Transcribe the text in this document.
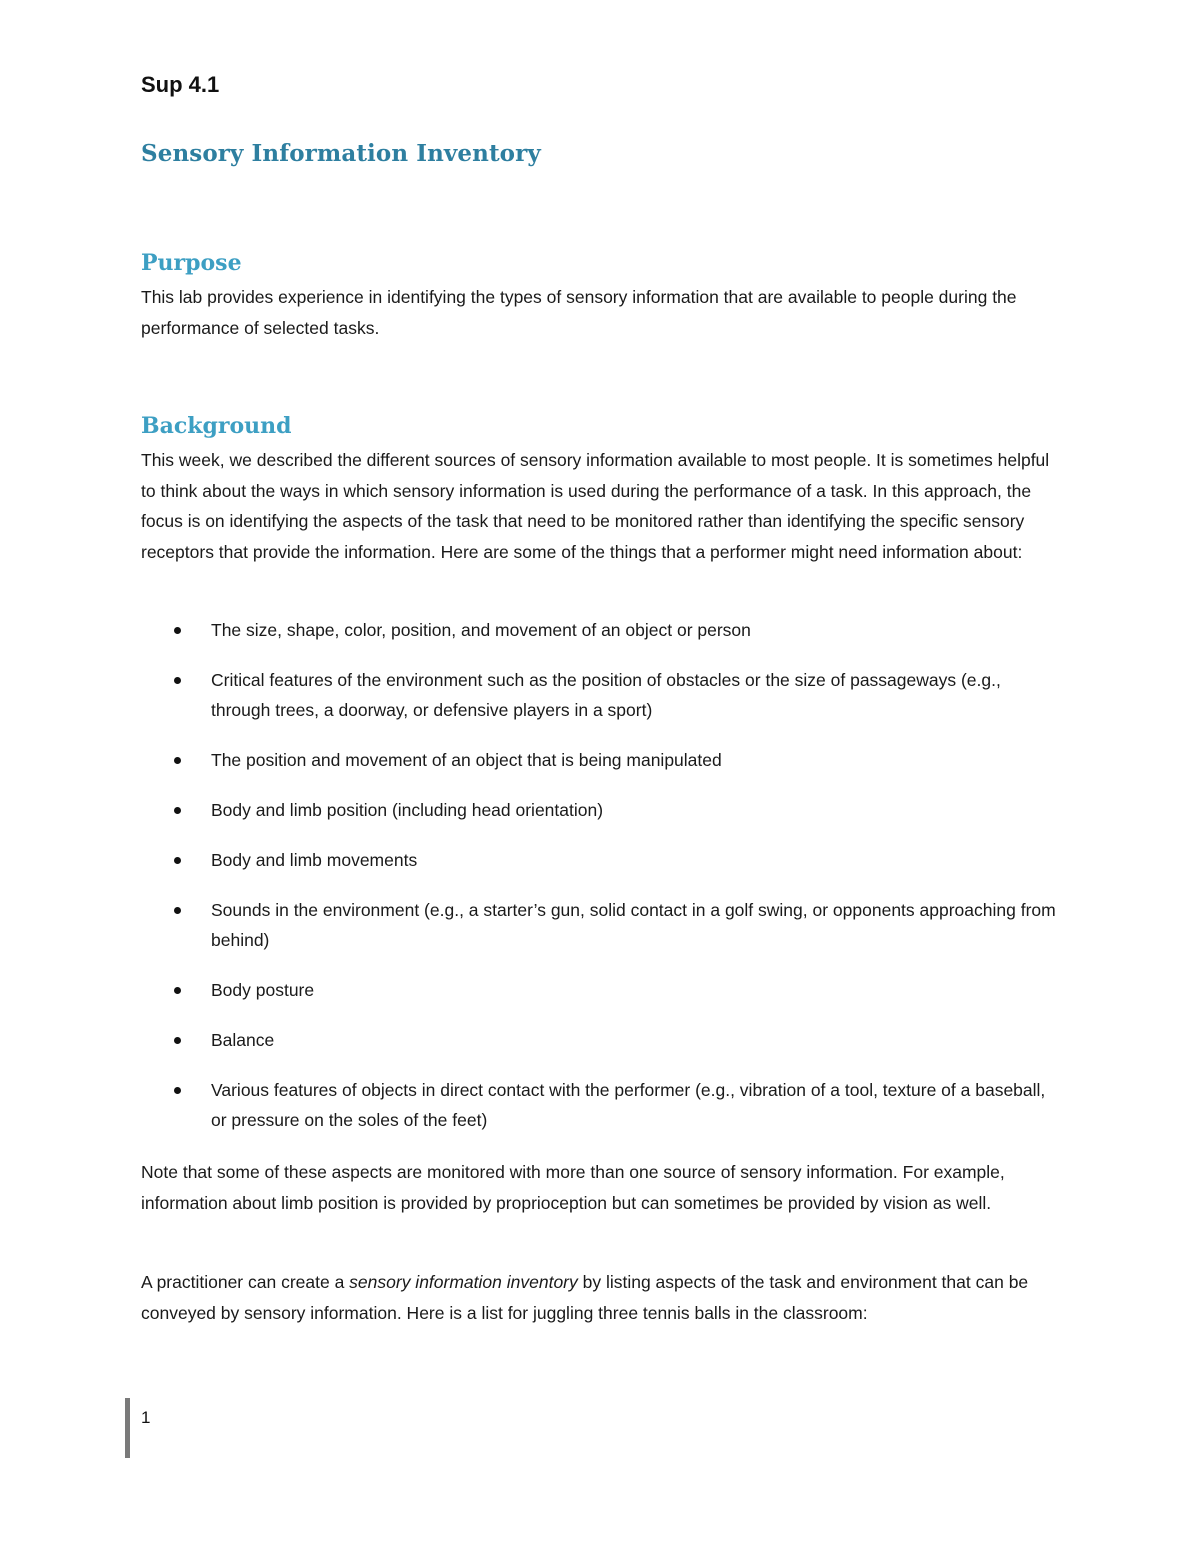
Sup 4.1
Sensory Information Inventory
Purpose

This lab provides experience in identifying the types of sensory information that are available to people during the performance of selected tasks.

Background

This week, we described the different sources of sensory information available to most people. It is sometimes helpful to think about the ways in which sensory information is used during the performance of a task. In this approach, the focus is on identifying the aspects of the task that need to be monitored rather than identifying the specific sensory receptors that provide the information. Here are some of the things that a performer might need information about:

The size, shape, color, position, and movement of an object or person
Critical features of the environment such as the position of obstacles or the size of passageways (e.g., through trees, a doorway, or defensive players in a sport)
The position and movement of an object that is being manipulated
Body and limb position (including head orientation)
Body and limb movements
Sounds in the environment (e.g., a starter’s gun, solid contact in a golf swing, or opponents approaching from behind)
Body posture
Balance
Various features of objects in direct contact with the performer (e.g., vibration of a tool, texture of a baseball, or pressure on the soles of the feet)

Note that some of these aspects are monitored with more than one source of sensory information. For example, information about limb position is provided by proprioception but can sometimes be provided by vision as well.

A practitioner can create a sensory information inventory by listing aspects of the task and environment that can be conveyed by sensory information. Here is a list for juggling three tennis balls in the classroom:

1
